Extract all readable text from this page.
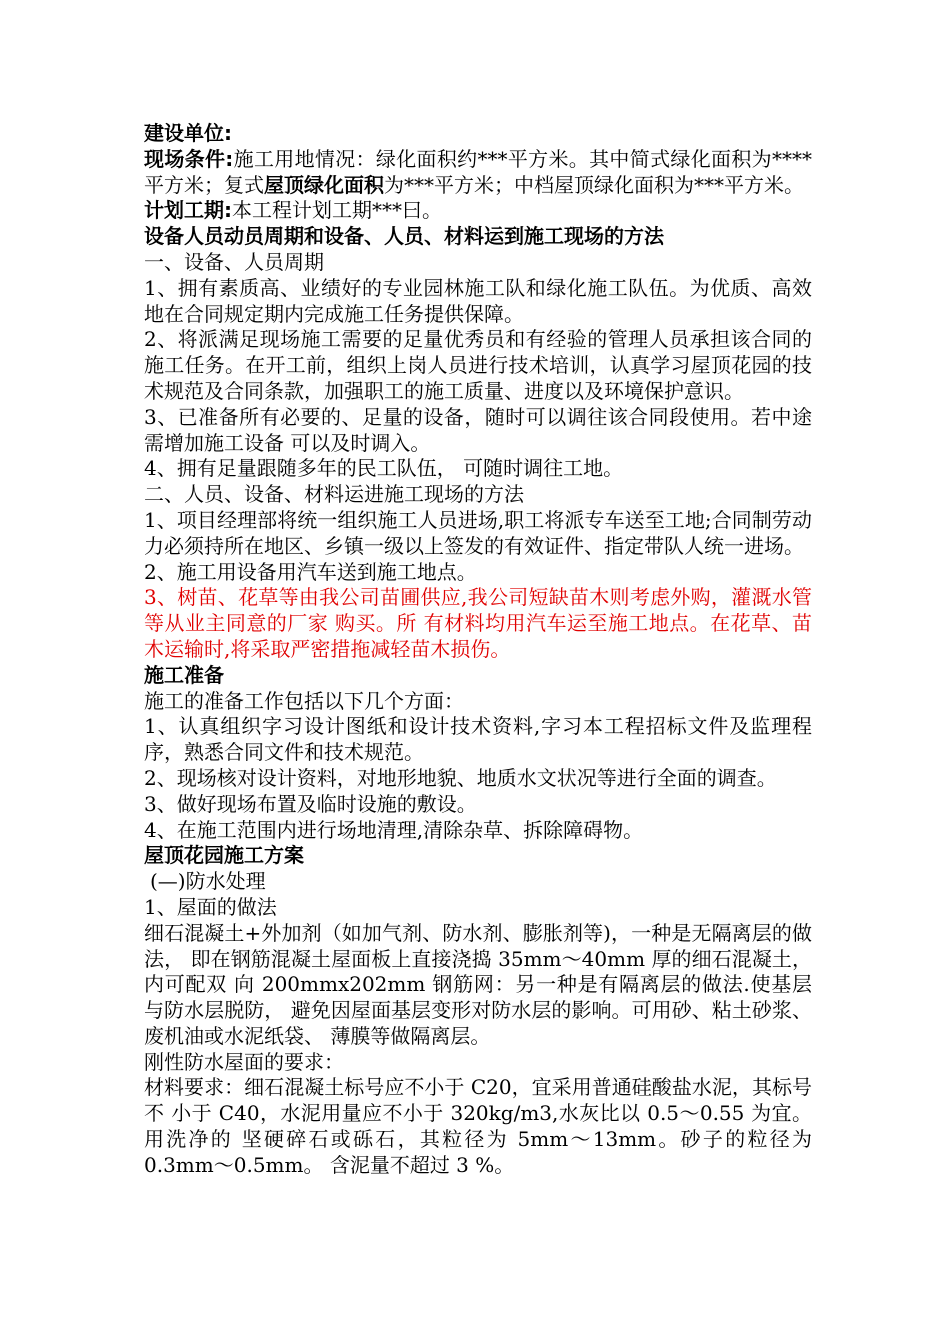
建设单位:

现场条件:施工用地情况：绿化面积约***平方米。其中简式绿化面积为****平方米；复式屋顶绿化面积为***平方米；中档屋顶绿化面积为***平方米。

计划工期:本工程计划工期***曰。

设备人员动员周期和设备、人员、材料运到施工现场的方法

一、设备、人员周期

1、拥有素质高、业绩好的专业园林施工队和绿化施工队伍。为优质、高效地在合同规定期内完成施工任务提供保障。

2、将派满足现场施工需要的足量优秀员和有经验的管理人员承担该合同的施工任务。在开工前，组织上岗人员进行技术培训，认真学习屋顶花园的技术规范及合同条款，加强职工的施工质量、进度以及环境保护意识。

3、已准备所有必要的、足量的设备，随时可以调往该合同段使用。若中途需增加施工设备 可以及时调入。

4、拥有足量跟随多年的民工队伍， 可随时调往工地。

二、人员、设备、材料运进施工现场的方法

1、项目经理部将统一组织施工人员进场,职工将派专车送至工地;合同制劳动力必须持所在地区、乡镇一级以上签发的有效证件、指定带队人统一进场。

2、施工用设备用汽车送到施工地点。

3、树苗、花草等由我公司苗圃供应,我公司短缺苗木则考虑外购，灌溉水管等从业主同意的厂家 购买。所 有材料均用汽车运至施工地点。在花草、苗木运输时,将采取严密措拖减轻苗木损伤。

施工准备

施工的准备工作包括以下几个方面：

1、认真组织字习设计图纸和设计技术资料,字习本工程招标文件及监理程序，熟悉合同文件和技术规范。

2、现场核对设计资料，对地形地貌、地质水文状况等进行全面的调查。

3、做好现场布置及临时设施的敷设。

4、在施工范围内进行场地清理,清除杂草、拆除障碍物。

屋顶花园施工方案

(—)防水处理

1、屋面的做法

细石混凝土+外加剂（如加气剂、防水剂、膨胀剂等)，一种是无隔离层的做法， 即在钢筋混凝土屋面板上直接浇捣 35mm〜40mm 厚的细石混凝土，内可配双 向 200mmx202mm 钢筋网：另一种是有隔离层的做法.使基层与防水层脱防， 避免因屋面基层变形对防水层的影响。可用砂、粘土砂浆、废机油或水泥纸袋、 薄膜等做隔离层。

刚性防水屋面的要求：

材料要求：细石混凝土标号应不小于 C20，宜采用普通硅酸盐水泥，其标号不 小于 C40，水泥用量应不小于 320kg/m3,水灰比以 0.5〜0.55 为宜。用洗净的 坚硬碎石或砾石，其粒径为 5mm〜13mm。砂子的粒径为 0.3mm〜0.5mm。 含泥量不超过 3 %。
